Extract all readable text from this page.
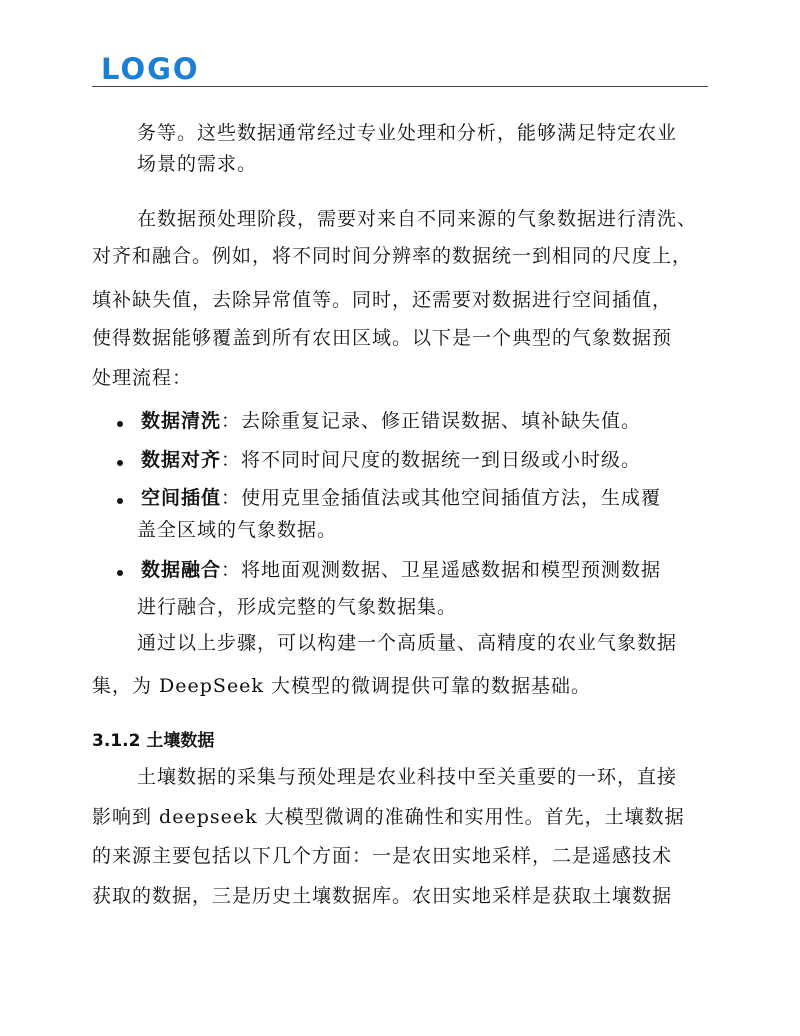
LOGO
务等。这些数据通常经过专业处理和分析，能够满足特定农业
场景的需求。
在数据预处理阶段，需要对来自不同来源的气象数据进行清洗、
对齐和融合。例如，将不同时间分辨率的数据统一到相同的尺度上，
填补缺失值，去除异常值等。同时，还需要对数据进行空间插值，
使得数据能够覆盖到所有农田区域。以下是一个典型的气象数据预
处理流程：
数据清洗：去除重复记录、修正错误数据、填补缺失值。
数据对齐：将不同时间尺度的数据统一到日级或小时级。
空间插值：使用克里金插值法或其他空间插值方法，生成覆
盖全区域的气象数据。
数据融合：将地面观测数据、卫星遥感数据和模型预测数据
进行融合，形成完整的气象数据集。
通过以上步骤，可以构建一个高质量、高精度的农业气象数据
集，为 DeepSeek 大模型的微调提供可靠的数据基础。
3.1.2 土壤数据
土壤数据的采集与预处理是农业科技中至关重要的一环，直接
影响到 deepseek 大模型微调的准确性和实用性。首先，土壤数据
的来源主要包括以下几个方面：一是农田实地采样，二是遥感技术
获取的数据，三是历史土壤数据库。农田实地采样是获取土壤数据
